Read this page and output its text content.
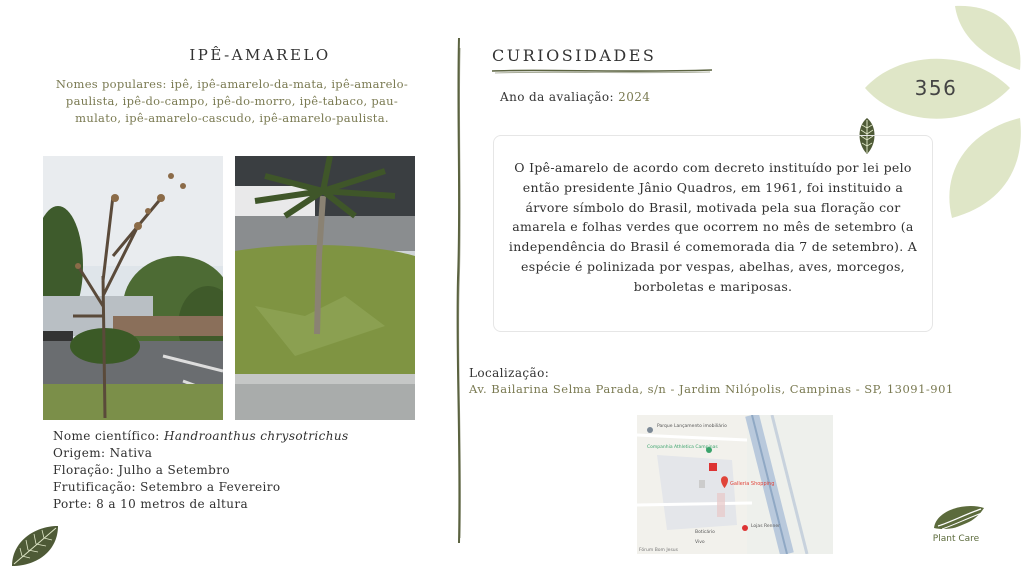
356
IPÊ-AMARELO
Nomes populares: ipê, ipê-amarelo-da-mata, ipê-amarelo-paulista, ipê-do-campo, ipê-do-morro, ipê-tabaco, pau-mulato, ipê-amarelo-cascudo, ipê-amarelo-paulista.
Nome científico: Handroanthus chrysotrichus
Origem: Nativa
Floração: Julho a Setembro
Frutificação: Setembro a Fevereiro
Porte: 8 a 10 metros de altura
CURIOSIDADES
Ano da avaliação: 2024
O Ipê-amarelo de acordo com decreto instituído por lei pelo então presidente Jânio Quadros, em 1961, foi instituido a árvore símbolo do Brasil, motivada pela sua floração cor amarela e folhas verdes que ocorrem no mês de setembro (a independência do Brasil é comemorada dia 7 de setembro). A espécie é polinizada por vespas, abelhas, aves, morcegos, borboletas e mariposas.
Localização:
Av. Bailarina Selma Parada, s/n - Jardim Nilópolis, Campinas - SP, 13091-901
Parque Lançamento imobiliário
Companhia Athletica Campinas
Galleria Shopping
Lojas Renner
Boticário
Vivo
Fórum Bom Jesus
Plant Care
